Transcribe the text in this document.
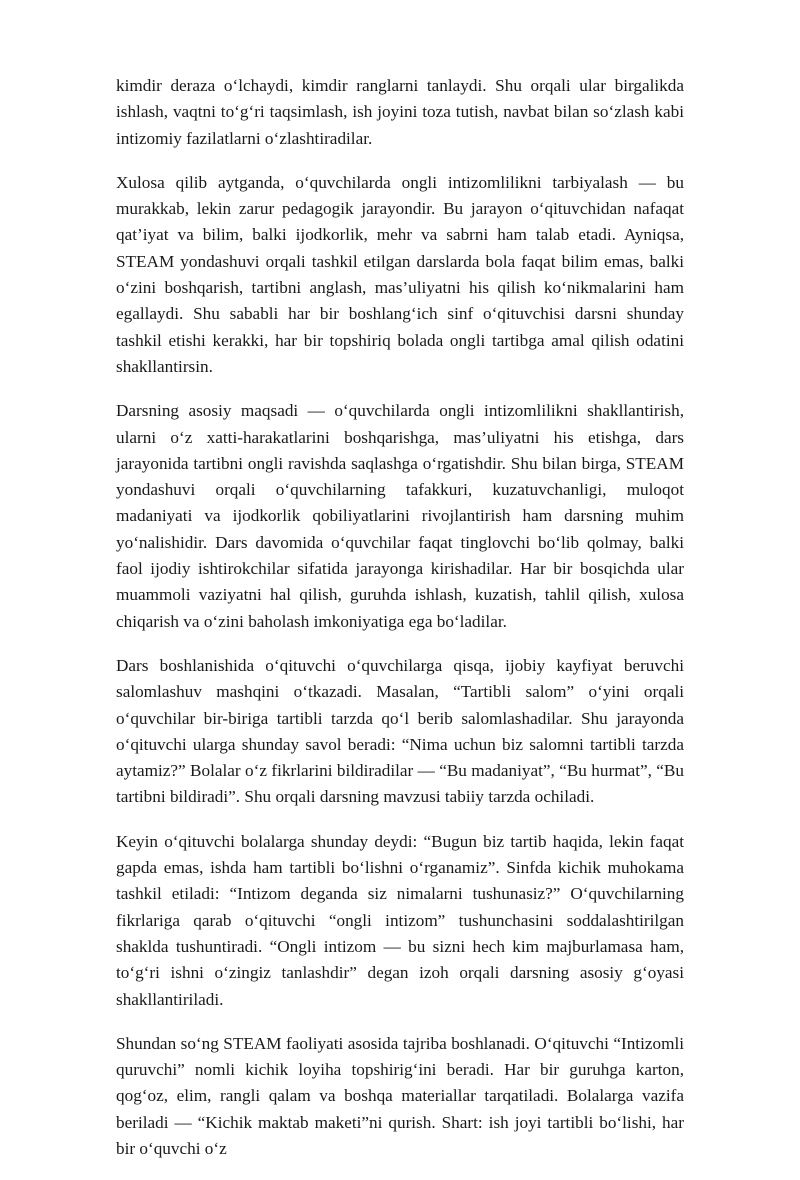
kimdir deraza o‘lchaydi, kimdir ranglarni tanlaydi. Shu orqali ular birgalikda ishlash, vaqtni to‘g‘ri taqsimlash, ish joyini toza tutish, navbat bilan so‘zlash kabi intizomiy fazilatlarni o‘zlashtiradilar.

Xulosa qilib aytganda, o‘quvchilarda ongli intizomlilikni tarbiyalash — bu murakkab, lekin zarur pedagogik jarayondir. Bu jarayon o‘qituvchidan nafaqat qat’iyat va bilim, balki ijodkorlik, mehr va sabrni ham talab etadi. Ayniqsa, STEAM yondashuvi orqali tashkil etilgan darslarda bola faqat bilim emas, balki o‘zini boshqarish, tartibni anglash, mas’uliyatni his qilish ko‘nikmalarini ham egallaydi. Shu sababli har bir boshlang‘ich sinf o‘qituvchisi darsni shunday tashkil etishi kerakki, har bir topshiriq bolada ongli tartibga amal qilish odatini shakllantirsin.

Darsning asosiy maqsadi — o‘quvchilarda ongli intizomlilikni shakllantirish, ularni o‘z xatti-harakatlarini boshqarishga, mas’uliyatni his etishga, dars jarayonida tartibni ongli ravishda saqlashga o‘rgatishdir. Shu bilan birga, STEAM yondashuvi orqali o‘quvchilarning tafakkuri, kuzatuvchanligi, muloqot madaniyati va ijodkorlik qobiliyatlarini rivojlantirish ham darsning muhim yo‘nalishidir. Dars davomida o‘quvchilar faqat tinglovchi bo‘lib qolmay, balki faol ijodiy ishtirokchilar sifatida jarayonga kirishadilar. Har bir bosqichda ular muammoli vaziyatni hal qilish, guruhda ishlash, kuzatish, tahlil qilish, xulosa chiqarish va o‘zini baholash imkoniyatiga ega bo‘ladilar.

Dars boshlanishida o‘qituvchi o‘quvchilarga qisqa, ijobiy kayfiyat beruvchi salomlashuv mashqini o‘tkazadi. Masalan, “Tartibli salom” o‘yini orqali o‘quvchilar bir-biriga tartibli tarzda qo‘l berib salomlashadilar. Shu jarayonda o‘qituvchi ularga shunday savol beradi: “Nima uchun biz salomni tartibli tarzda aytamiz?” Bolalar o‘z fikrlarini bildiradilar — “Bu madaniyat”, “Bu hurmat”, “Bu tartibni bildiradi”. Shu orqali darsning mavzusi tabiiy tarzda ochiladi.

Keyin o‘qituvchi bolalarga shunday deydi: “Bugun biz tartib haqida, lekin faqat gapda emas, ishda ham tartibli bo‘lishni o‘rganamiz”. Sinfda kichik muhokama tashkil etiladi: “Intizom deganda siz nimalarni tushunasiz?” O‘quvchilarning fikrlariga qarab o‘qituvchi “ongli intizom” tushunchasini soddalashtirilgan shaklda tushuntiradi. “Ongli intizom — bu sizni hech kim majburlamasa ham, to‘g‘ri ishni o‘zingiz tanlashdir” degan izoh orqali darsning asosiy g‘oyasi shakllantiriladi.

Shundan so‘ng STEAM faoliyati asosida tajriba boshlanadi. O‘qituvchi “Intizomli quruvchi” nomli kichik loyiha topshirig‘ini beradi. Har bir guruhga karton, qog‘oz, elim, rangli qalam va boshqa materiallar tarqatiladi. Bolalarga vazifa beriladi — “Kichik maktab maketi”ni qurish. Shart: ish joyi tartibli bo‘lishi, har bir o‘quvchi o‘z
